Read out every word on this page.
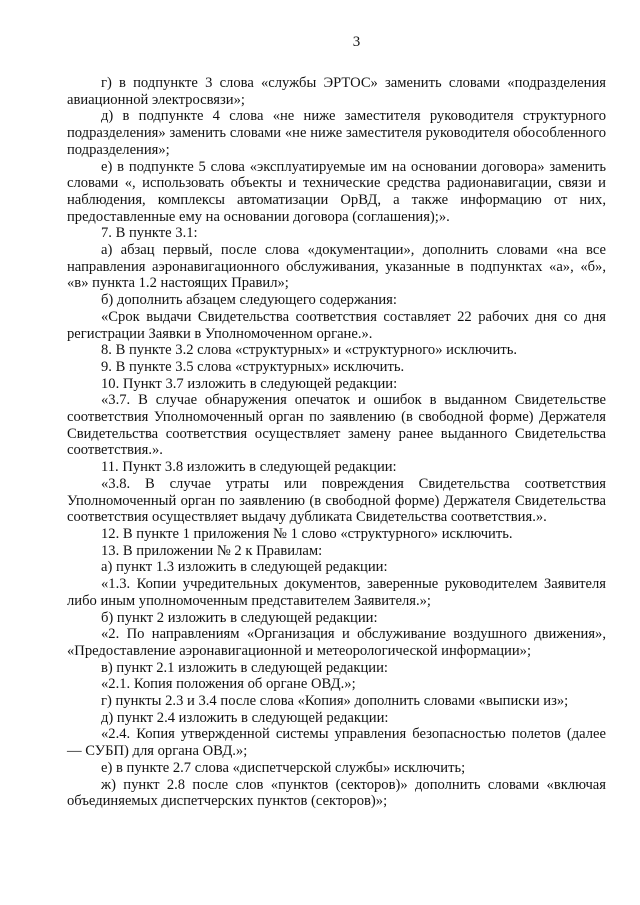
3

г) в подпункте 3 слова «службы ЭРТОС» заменить словами «подразделения авиационной электросвязи»;

д) в подпункте 4 слова «не ниже заместителя руководителя структурного подразделения» заменить словами «не ниже заместителя руководителя обособленного подразделения»;

е) в подпункте 5 слова «эксплуатируемые им на основании договора» заменить словами «, использовать объекты и технические средства радионавигации, связи и наблюдения, комплексы автоматизации ОрВД, а также информацию от них, предоставленные ему на основании договора (соглашения);».

7. В пункте 3.1:

а) абзац первый, после слова «документации», дополнить словами «на все направления аэронавигационного обслуживания, указанные в подпунктах «а», «б», «в» пункта 1.2 настоящих Правил»;

б) дополнить абзацем следующего содержания:

«Срок выдачи Свидетельства соответствия составляет 22 рабочих дня со дня регистрации Заявки в Уполномоченном органе.».

8. В пункте 3.2 слова «структурных» и «структурного» исключить.

9. В пункте 3.5 слова «структурных» исключить.

10. Пункт 3.7 изложить в следующей редакции:

«3.7. В случае обнаружения опечаток и ошибок в выданном Свидетельстве соответствия Уполномоченный орган по заявлению (в свободной форме) Держателя Свидетельства соответствия осуществляет замену ранее выданного Свидетельства соответствия.».

11. Пункт 3.8 изложить в следующей редакции:

«3.8. В случае утраты или повреждения Свидетельства соответствия Уполномоченный орган по заявлению (в свободной форме) Держателя Свидетельства соответствия осуществляет выдачу дубликата Свидетельства соответствия.».

12. В пункте 1 приложения № 1 слово «структурного» исключить.

13. В приложении № 2 к Правилам:

а) пункт 1.3 изложить в следующей редакции:

«1.3. Копии учредительных документов, заверенные руководителем Заявителя либо иным уполномоченным представителем Заявителя.»;

б) пункт 2 изложить в следующей редакции:

«2. По направлениям «Организация и обслуживание воздушного движения», «Предоставление аэронавигационной и метеорологической информации»;

в) пункт 2.1 изложить в следующей редакции:

«2.1. Копия положения об органе ОВД.»;

г) пункты 2.3 и 3.4 после слова «Копия» дополнить словами «выписки из»;

д) пункт 2.4 изложить в следующей редакции:

«2.4. Копия утвержденной системы управления безопасностью полетов (далее — СУБП) для органа ОВД.»;

е) в пункте 2.7 слова «диспетчерской службы» исключить;

ж) пункт 2.8 после слов «пунктов (секторов)» дополнить словами «включая объединяемых диспетчерских пунктов (секторов)»;
